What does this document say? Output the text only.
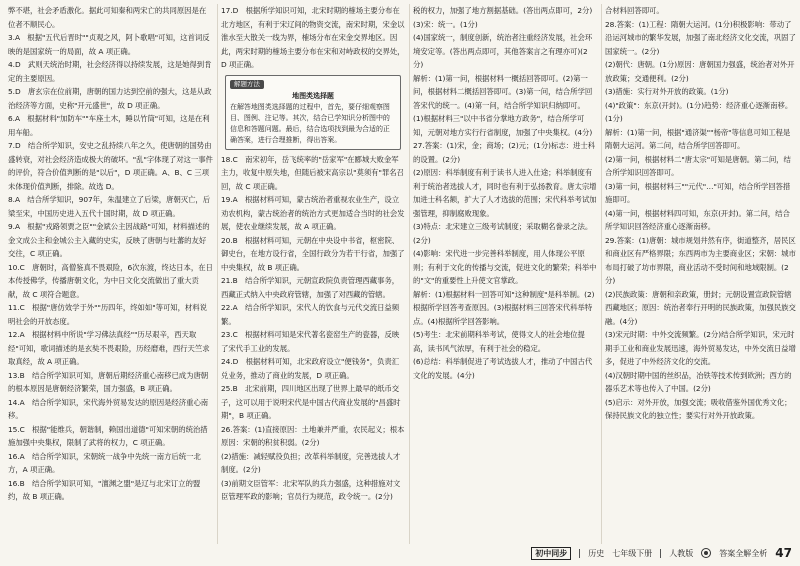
弊不堪，社会矛盾激化。据此可知秦和两宋亡的共同原因是在位者不顺民心。

3.A　根据"五代后晋时""贞观之风，阿卜歌唱"可知，这首词反映的是国家统一的局面，故 A 项正确。

4.D　武则天统治时期，社会经济得以持续发展，这是她得到肯定的主要原因。

5.D　唐玄宗在位前期，唐朝的国力达到空前的强大，这是从政治经济等方面，史称"开元盛世"，故 D 项正确。

6.A　根据材料"加防车""车座土木，睡以竹筒"可知，这是在利用车船。

7.D　结合所学知识，安史之乱持续八年之久，使唐朝的国势由盛转衰，对社会经济造成极大的破坏。"乱"字体现了对这一事件的评价，符合价值判断的是"以后"，D 项正确。A、B、C 三项未体现价值判断，排除。故选 D。

8.A　结合所学知识，907年，朱温建立了后梁，唐朝灭亡，后梁至宋，中国历史进入五代十国时期，故 D 项正确。

9.A　根据"戎路领贾之臣""金斌公主因战路"可知，材料描述的金文成公主和金城公主入藏的史实，反映了唐朝与吐蕃的友好交往，C 项正确。

10.C　唐朝时，高僧鉴真不畏艰险，6次东渡，终达日本，在日本传授佛学，传播唐朝文化，为中日文化交流做出了重大贡献，故 C 项符合题意。

11.C　根据"唐仿效学于外""历四年，终如如"等可知，材料说明社会的开放态度。

12.A　根据材料中所说"学习佛法真经""历尽艰辛，西天取经"可知，歌词描述的是玄奘不畏艰险，历经磨难，西行天竺求取真经，故 A 项正确。

13.B　结合所学知识可知，唐朝后期经济重心南移已成为唐朝的根本原因是唐朝经济繁荣，国力强盛，B 项正确。

14.A　结合所学知识，宋代海外贸易发达的原因是经济重心南移。

15.C　根据"能维兵，朝谐制，赖国出道德"可知宋朝的统治措施加强中央集权，限制了武将的权力，C 项正确。

16.A　结合所学知识，宋朝统一战争中先统一南方后统一北方，A 项正确。

16.B　结合所学知识可知，"澶渊之盟"是辽与北宋订立的盟约，故 B 项正确。

17.D　根据所学知识可知，北宋时期的榷场主要分布在北方地区，有利于宋辽间的物资交流，南宋时期，宋金以淮水至大散关一线为界，榷场分布在宋金交界地区。因此，两宋时期的榷场主要分布在宋和对峙政权的交界处，D 项正确。

解题方法
地图类选择题
在解答地图类选择题的过程中，首先，要仔细观察图目、图例、注记等。其次，结合已学知识分析图中的信息和答题问题。最后，结合选项找到最为合适的正确答案，进行合理推断，得出答案。

18.C　南宋初年，岳飞统率的"岳家军"在郾城大败金军主力，收复中原失地，但随后被宋高宗以"莫须有"罪名召回，故 C 项正确。

19.A　根据材料可知，蒙古统治者重视农业生产，设立劝农机构，蒙古统治者的统治方式更加适合当时的社会发展，使农业继续发展，故 A 项正确。

20.B　根据材料可知，元朝在中央设中书省，枢密院、御史台，在地方设行省，全国行政分为若干行省，加强了中央集权，故 B 项正确。

21.B　结合所学知识，元朝宣政院负责管理西藏事务，西藏正式纳入中央政府管辖，加强了对西藏的管辖。

22.A　结合所学知识，宋代人的饮食与元代交流日益频繁。

23.C　根据材料可知是宋代著名瓷窑生产的瓷器，反映了宋代手工业的发展。

24.D　根据材料可知，北宋政府设立"便钱务"，负责汇兑业务，推动了商业的发展，D 项正确。

25.B　北宋前期，四川地区出现了世界上最早的纸币交子，这可以用于说明宋代是中国古代商业发展的"昌盛时期"，B 项正确。

26.答案：(1)直接原因：土地兼并严重，农民起义；根本原因：宋朝的积贫积弱。(2分)

(2)措施：减轻赋役负担；改革科举制度，完善选拔人才制度。(2分)

(3)前期文臣管军：北宋军队的兵力强盛，这种措施对文臣管理军政的影响；官员行为规范，政令统一。(2分)

税的权力，加强了地方割据基础。(答出两点即可，2分)

(3)宋：统一。(1分)

(4)国家统一，制度创新，统治者注重经济发展，社会环境安定等。(答出两点即可，其他答案言之有理亦可)(2分)

解析：(1)第一问，根据材料一概括回答即可。(2)第一问，根据材料二概括回答即可。(3)第一问，结合所学回答宋代的统一。(4)第一问，结合所学知识归纳即可。

(1)根据材料三"以中书省分掌地方政务"，结合所学可知，元朝对地方实行行省制度，加强了中央集权。(4分)

27.答案：(1)宋，金；商场；(2)元；(1分)标志：进士科的设置。(2分)

(2)原因：科举制度有利于读书人进入仕途；科举制度有利于统治者选拔人才，同时也有利于弘扬教育。唐太宗增加进士科名额，扩大了人才选拔的范围；宋代科举考试加强管理，抑制腐败现象。

(3)特点：北宋建立三级考试制度；采取糊名誊录之法。(2分)

(4)影响：宋代进一步完善科举制度，用人体现公平原则；有利于文化的传播与交流，促进文化的繁荣；科举中的"文"的重要性上升使文官掌政。

解析：(1)根据材料一回答可知"这种制度"是科举制。(2)根据所学回答考查原因。(3)根据材料三回答宋代科举特点。(4)根据所学回答影响。

(5)考生：北宋前期科举考试，使得文人的社会地位提高，读书风气浓厚，有利于社会的稳定。

(6)总结：科举制促进了考试选拔人才，推动了中国古代文化的发展。(4分)

合材料回答即可。

28.答案：(1)工程：隋朝大运河。(1分)积极影响：带动了沿运河城市的繁华发展，加强了南北经济文化交流，巩固了国家统一。(2分)

(2)朝代：唐朝。(1分)原因：唐朝国力强盛，统治者对外开放政策；交通便利。(2分)

(3)措施：实行对外开放的政策。(1分)

(4)"政策"：东京(开封)。(1分)趋势：经济重心逐渐南移。(1分)

解析：(1)第一问，根据"通济渠""杨帝"等信息可知工程是隋朝大运河。第二问，结合所学回答即可。

(2)第一问，根据材料二"唐太宗"可知是唐朝。第二问，结合所学知识回答即可。

(3)第一问，根据材料三""元代"…"可知，结合所学回答措施即可。

(4)第一问，根据材料四可知，东京(开封)。第二问，结合所学知识回答经济重心逐渐南移。

29.答案：(1)唐朝：城市规划井然有序，街道整齐，居民区和商业区有严格界限；东西两市为主要商业区；宋朝：城市布局打破了坊市界限，商业活动不受时间和地域限制。(2分)

(2)民族政策：唐朝和亲政策，册封；元朝设置宣政院管辖西藏地区；原因：统治者奉行开明的民族政策，加强民族交融。(4分)

(3)宋元时期：中外交流频繁。(2分)结合所学知识，宋元时期手工业和商业发展迅速，海外贸易发达，中外交流日益增多，促进了中外经济文化的交流。

(4)汉朝时期中国的丝织品，冶铁等技术传到欧洲；西方的器乐艺术等也传入了中国。(2分)

(5)启示：对外开放，加强交流；吸收借鉴外国优秀文化；保持民族文化的独立性；要实行对外开放政策。

初中同步	历史 七年级下册 人教版	答案全解全析 47
